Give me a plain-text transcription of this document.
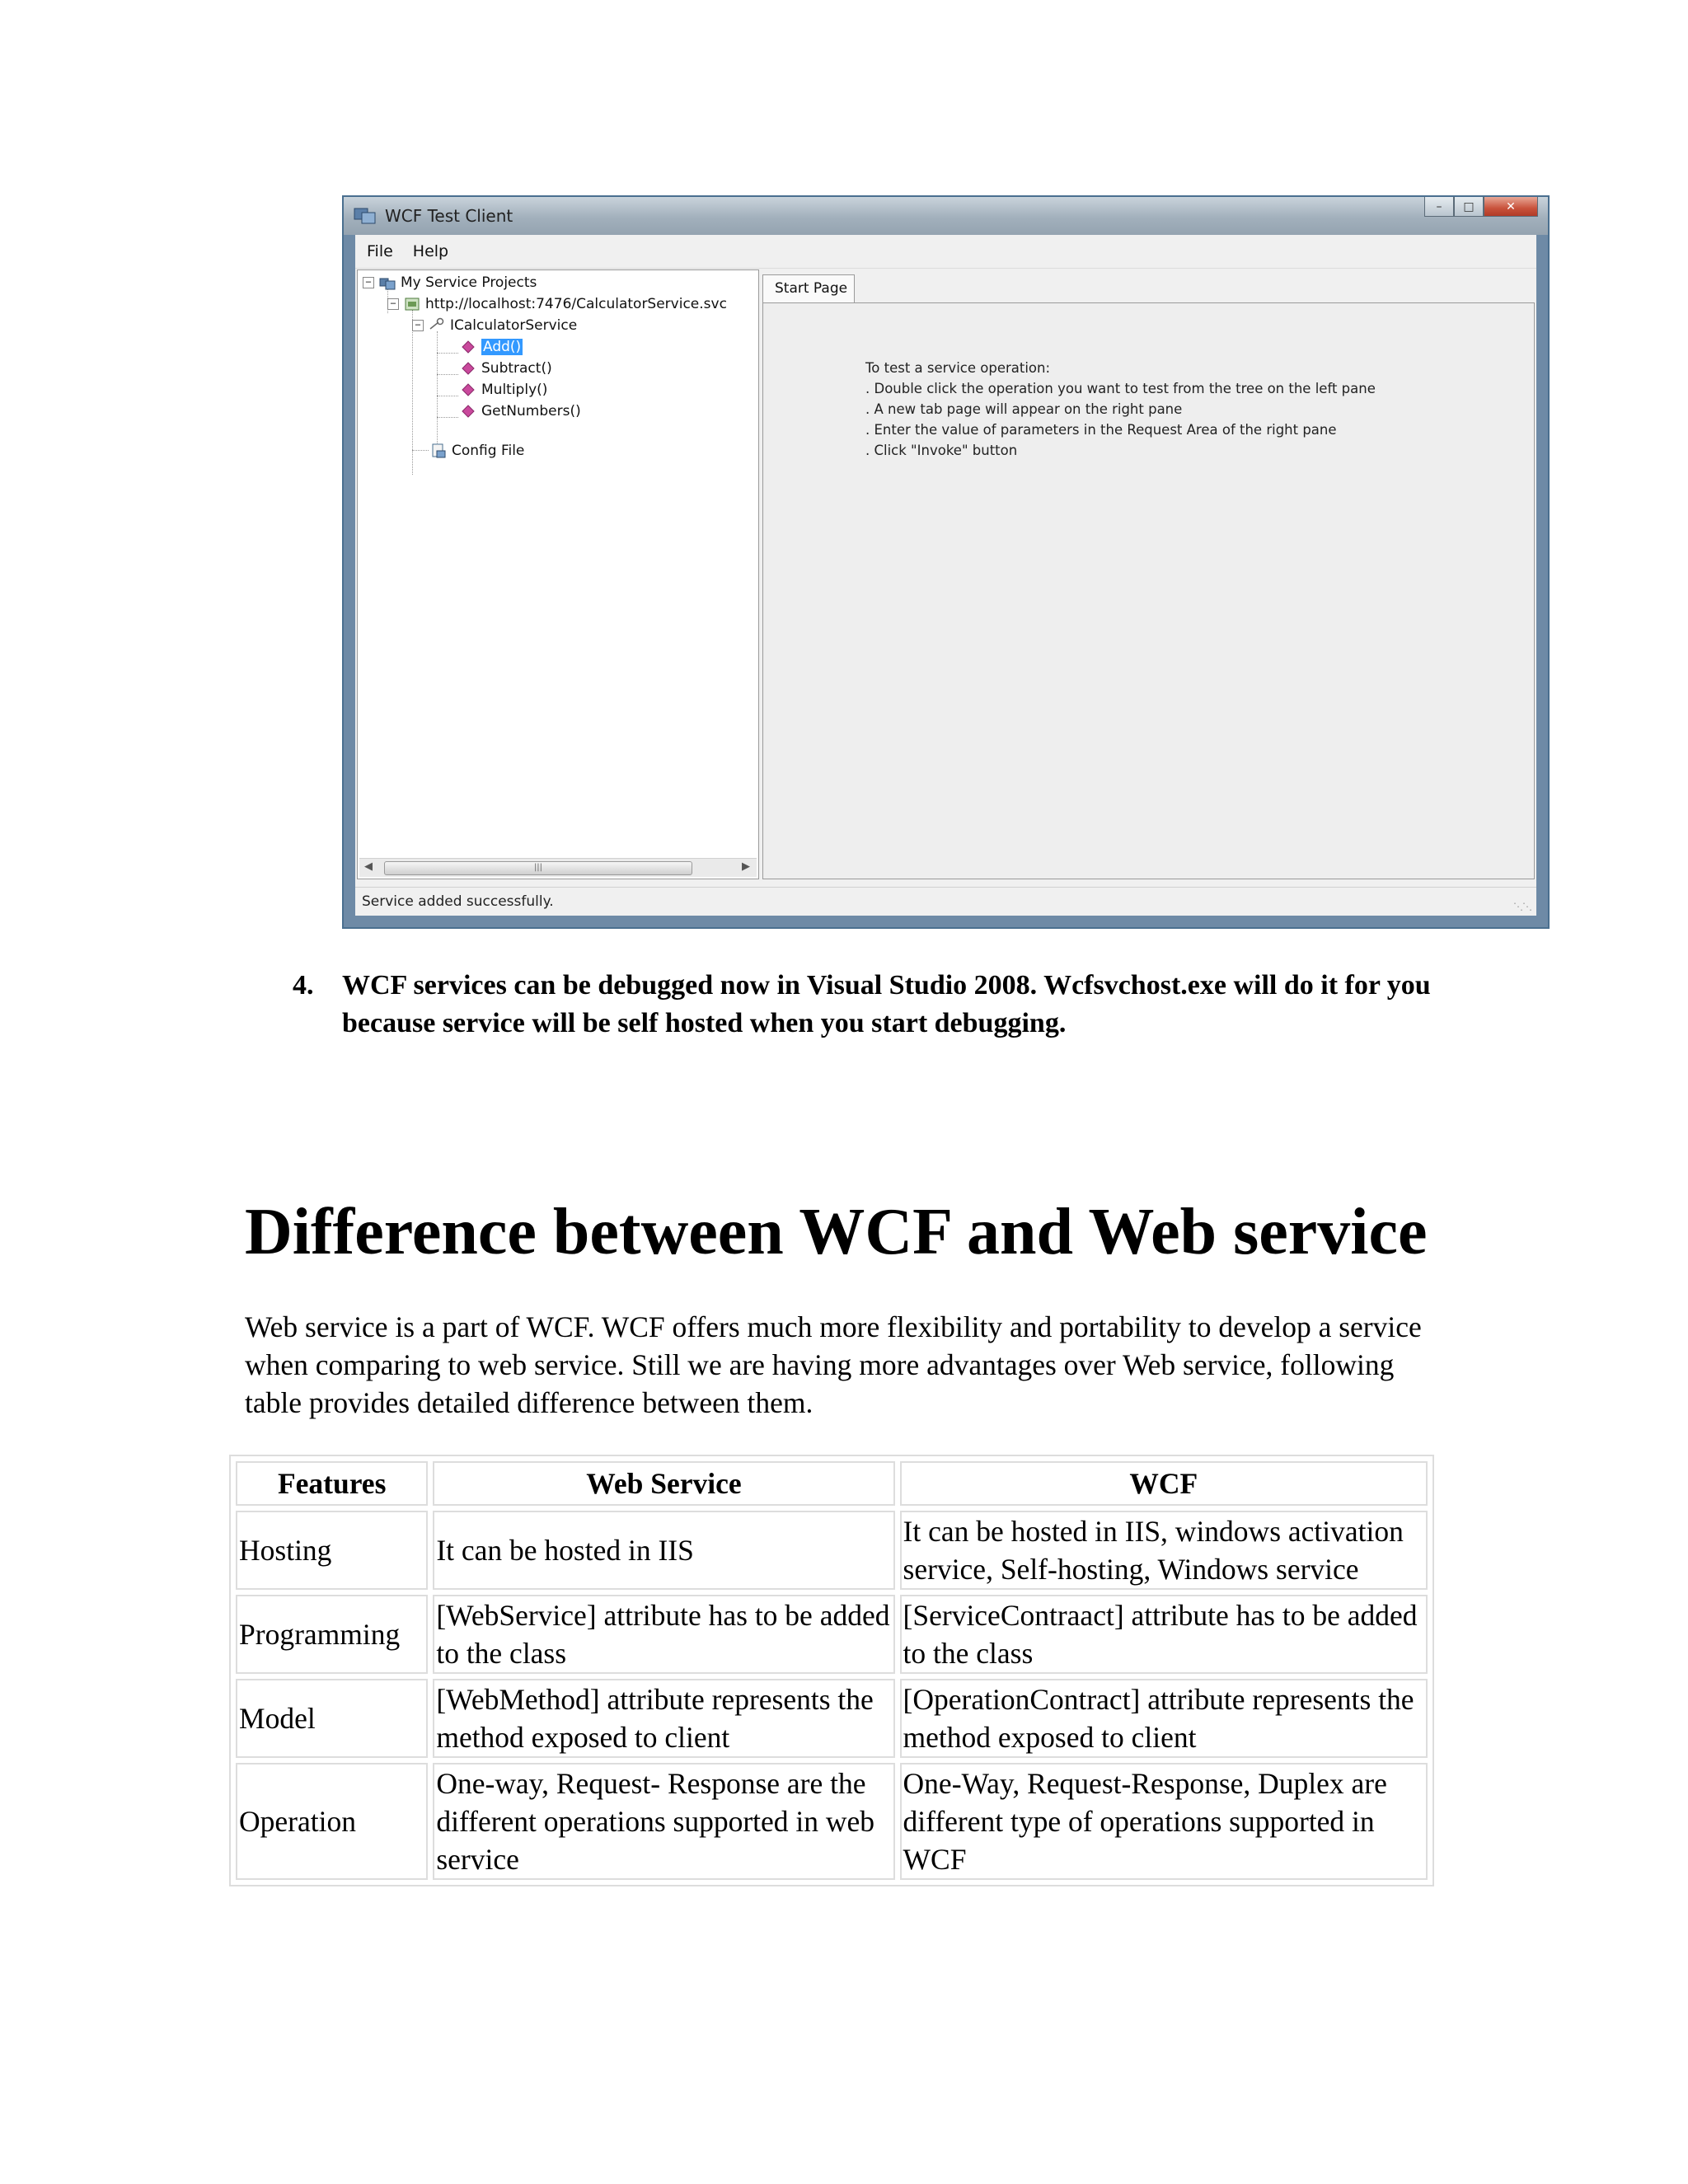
WCF Test Client	–	□	✕
File Help
− My Service Projects
− http://localhost:7476/CalculatorService.svc
− ICalculatorService
Add()
Subtract()
Multiply()
GetNumbers()
Config File
◀	|||	▶
Start Page
To test a service operation:
. Double click the operation you want to test from the tree on the left pane
. A new tab page will appear on the right pane
. Enter the value of parameters in the Request Area of the right pane
. Click "Invoke" button
Service added successfully.	⋱⋱
4. WCF services can be debugged now in Visual Studio 2008. Wcfsvchost.exe will do it for you because service will be self hosted when you start debugging.
Difference between WCF and Web service

Web service is a part of WCF. WCF offers much more flexibility and portability to develop a service when comparing to web service. Still we are having more advantages over Web service, following table provides detailed difference between them.

Features	Web Service	WCF
Hosting	It can be hosted in IIS	It can be hosted in IIS, windows activation service, Self-hosting, Windows service
Programming	[WebService] attribute has to be added to the class	[ServiceContraact] attribute has to be added to the class
Model	[WebMethod] attribute represents the method exposed to client	[OperationContract] attribute represents the method exposed to client
Operation	One-way, Request- Response are the different operations supported in web service	One-Way, Request-Response, Duplex are different type of operations supported in WCF
